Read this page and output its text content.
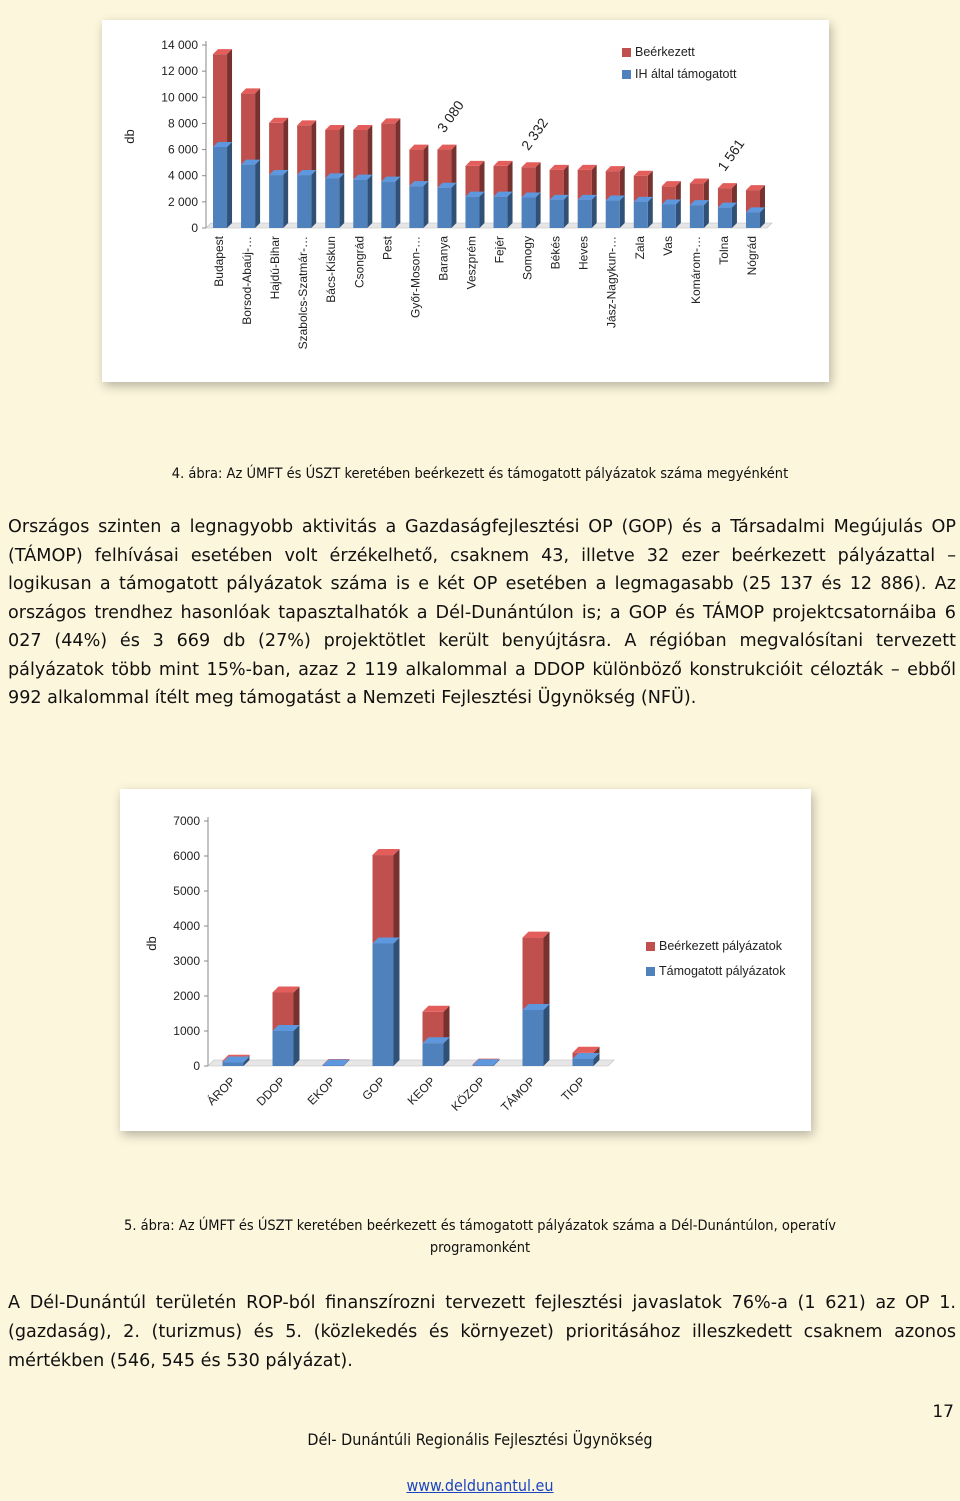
0
2 000
4 000
6 000
8 000
10 000
12 000
14 000
db
Budapest Borsod-Abaúj-… Hajdú-Bihar Szabolcs-Szatmár-… Bács-Kiskun Csongrád Pest Győr-Moson-… Baranya Veszprém Fejér Somogy Békés Heves Jász-Nagykun-… Zala Vas Komárom-… Tolna Nógrád
3 080	2 332
1 561
Beérkezett
IH által támogatott
4. ábra: Az ÚMFT és ÚSZT keretében beérkezett és támogatott pályázatok száma megyénként

Országos szinten a legnagyobb aktivitás a Gazdaságfejlesztési OP (GOP) és a Társadalmi Megújulás OP (TÁMOP) felhívásai esetében volt érzékelhető, csaknem 43, illetve 32 ezer beérkezett pályázattal – logikusan a támogatott pályázatok száma is e két OP esetében a legmagasabb (25 137 és 12 886). Az országos trendhez hasonlóak tapasztalhatók a Dél-Dunántúlon is; a GOP és TÁMOP projektcsatornáiba 6 027 (44%) és 3 669 db (27%) projektötlet került benyújtásra. A régióban megvalósítani tervezett pályázatok több mint 15%-ban, azaz 2 119 alkalommal a DDOP különböző konstrukcióit célozták – ebből 992 alkalommal ítélt meg támogatást a Nemzeti Fejlesztési Ügynökség (NFÜ).

0
1000
2000
3000
4000
5000
6000
7000
db
ÁROP DDOP EKOP GOP KEOP KÖZOP TÁMOP TIOP
Beérkezett pályázatok
Támogatott pályázatok
5. ábra: Az ÚMFT és ÚSZT keretében beérkezett és támogatott pályázatok száma a Dél-Dunántúlon, operatív programonként

A Dél-Dunántúl területén ROP-ból finanszírozni tervezett fejlesztési javaslatok 76%-a (1 621) az OP 1. (gazdaság), 2. (turizmus) és 5. (közlekedés és környezet) prioritásához illeszkedett csaknem azonos mértékben (546, 545 és 530 pályázat).

17
Dél- Dunántúli Regionális Fejlesztési Ügynökség
www.deldunantul.eu
